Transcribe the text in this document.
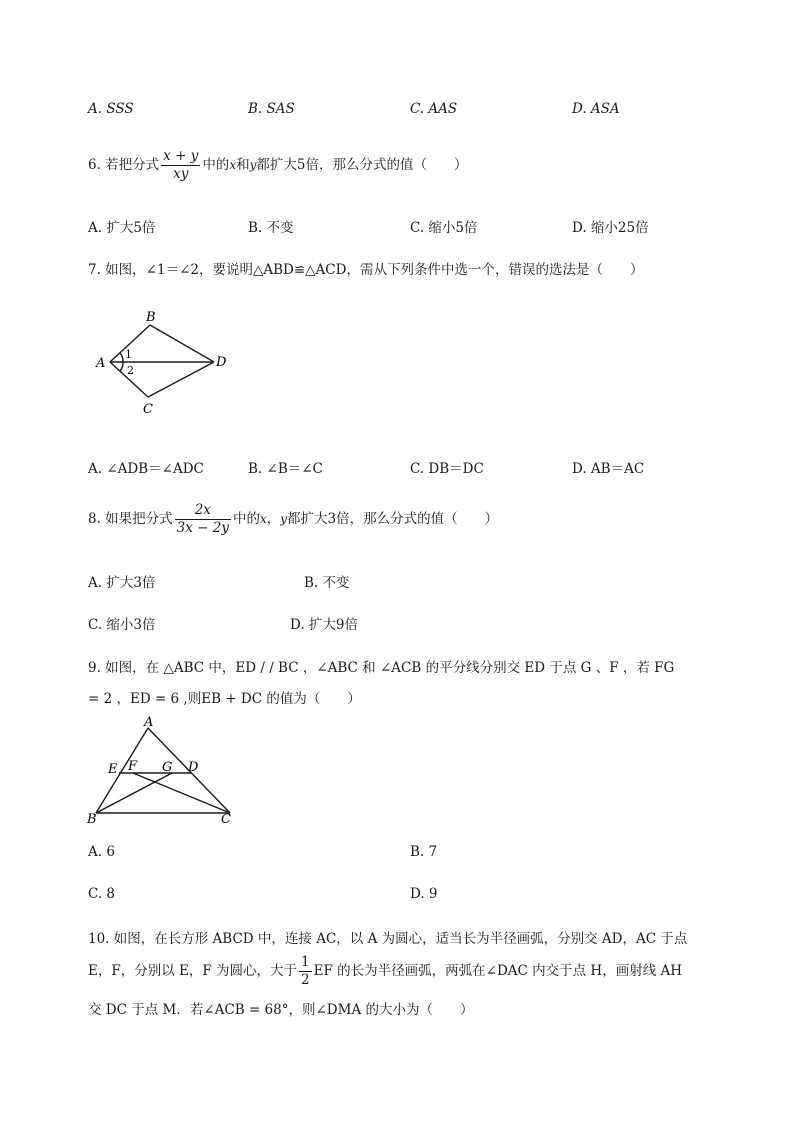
A. SSS	B. SAS	C. AAS	D. ASA
6. 若把分式 $\frac{x + y}{xy}$ 中的x和y都扩大5倍，那么分式的值（　　）
A. 扩大5倍	B. 不变	C. 缩小5倍	D. 缩小25倍
7. 如图，∠1＝∠2，要说明△ABD≌△ACD，需从下列条件中选一个，错误的选法是（　　）
A
B
C
D
1
2
A. ∠ADB＝∠ADC	B. ∠B＝∠C	C. DB＝DC	D. AB＝AC
8. 如果把分式 $\frac{2x}{3x - 2y}$ 中的x，y都扩大3倍，那么分式的值（　　）
A. 扩大3倍	B. 不变
C. 缩小3倍	D. 扩大9倍
9. 如图，在 △ABC 中，ED / / BC ，∠ABC 和 ∠ACB 的平分线分别交 ED 于点 G 、F ，若 FG
= 2 ，ED = 6 ,则EB + DC 的值为（　　）
A
B	C
D
E F G
A. 6	B. 7
C. 8	D. 9
10. 如图，在长方形 ABCD 中，连接 AC，以 A 为圆心，适当长为半径画弧，分别交 AD，AC 于点
E，F，分别以 E，F 为圆心，大于 $\frac{1}{2}$ EF 的长为半径画弧，两弧在∠DAC 内交于点 H，画射线 AH
交 DC 于点 M．若∠ACB = 68°，则∠DMA 的大小为（　　）
